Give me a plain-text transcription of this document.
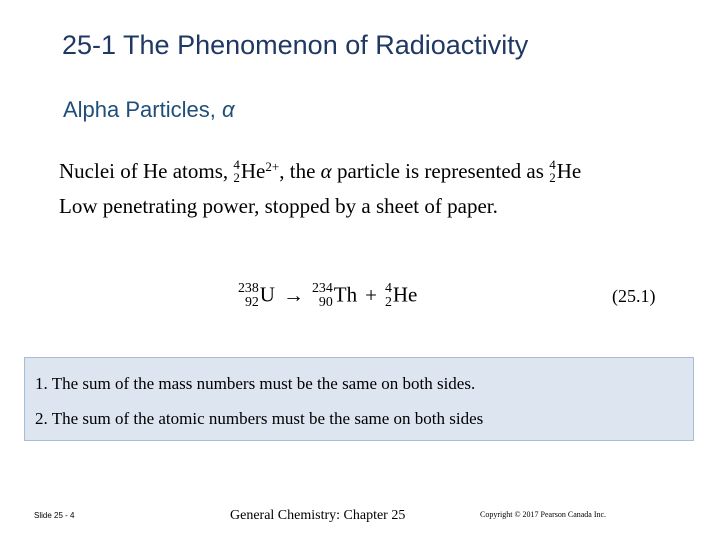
25-1 The Phenomenon of Radioactivity
Alpha Particles, α
Nuclei of He atoms, 4
2 $He^{2+}$, the α particle is represented as 4
2 He
Low penetrating power, stopped by a sheet of paper.
238
92 U → 234
90 Th + 4
2 He	(25.1)
1. The sum of the mass numbers must be the same on both sides.
2. The sum of the atomic numbers must be the same on both sides
Slide 25 - 4	General Chemistry: Chapter 25	Copyright © 2017 Pearson Canada Inc.
